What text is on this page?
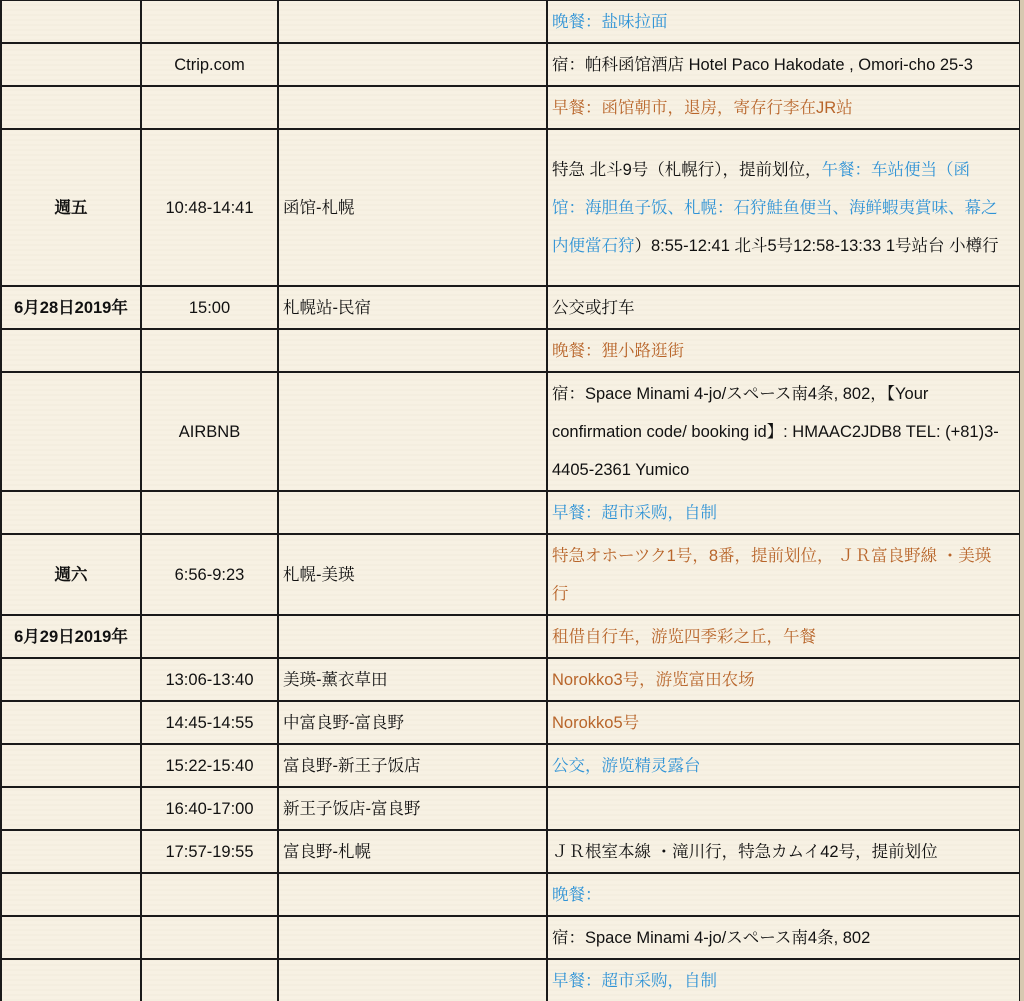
			晚餐：盐味拉面
	Ctrip.com		宿：帕科函馆酒店 Hotel Paco Hakodate , Omori-cho 25-3
			早餐：函馆朝市，退房，寄存行李在JR站
週五	10:48-14:41	函馆-札幌	特急 北斗9号（札幌行），提前划位，午餐：车站便当（函馆：海胆鱼子饭、札幌：石狩鮭鱼便当、海鲜蝦夷賞味、幕之内便當石狩）8:55-12:41 北斗5号12:58-13:33 1号站台 小樽行
6月28日2019年	15:00	札幌站-民宿	公交或打车
			晚餐：狸小路逛街
	AIRBNB		宿：Space Minami 4-jo/スペース南4条, 802，【Your confirmation code/ booking id】: HMAAC2JDB8 TEL: (+81)3-4405-2361 Yumico
			早餐：超市采购，自制
週六	6:56-9:23	札幌-美瑛	特急オホーツク1号，8番，提前划位， ＪＲ富良野線 ・美瑛行
6月29日2019年			租借自行车，游览四季彩之丘，午餐
	13:06-13:40	美瑛-薰衣草田	Norokko3号，游览富田农场
	14:45-14:55	中富良野-富良野	Norokko5号
	15:22-15:40	富良野-新王子饭店	公交，游览精灵露台
	16:40-17:00	新王子饭店-富良野	
	17:57-19:55	富良野-札幌	ＪＲ根室本線 ・滝川行，特急カムイ42号，提前划位
			晚餐：
			宿：Space Minami 4-jo/スペース南4条, 802
			早餐：超市采购，自制
